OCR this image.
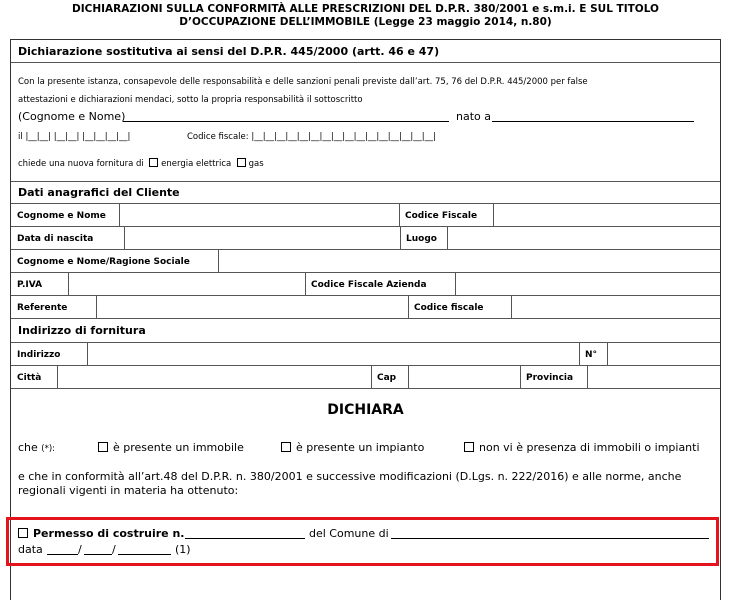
DICHIARAZIONI SULLA CONFORMITÀ ALLE PRESCRIZIONI DEL D.P.R. 380/2001 e s.m.i. E SUL TITOLO
D’OCCUPAZIONE DELL’IMMOBILE (Legge 23 maggio 2014, n.80)
Dichiarazione sostitutiva ai sensi del D.P.R. 445/2000 (artt. 46 e 47)
Con la presente istanza, consapevole delle responsabilità e delle sanzioni penali previste dall’art. 75, 76 del D.P.R. 445/2000 per false
attestazioni e dichiarazioni mendaci, sotto la propria responsabilità il sottoscritto
(Cognome e Nome)	nato a
il |__|__| |__|__| |__|__|__|__|	Codice fiscale: |__|__|__|__|__|__|__|__|__|__|__|__|__|__|__|__|
chiede una nuova fornitura di energia elettrica gas
Dati anagrafici del Cliente
Cognome e Nome	Codice Fiscale
Data di nascita	Luogo
Cognome e Nome/Ragione Sociale
P.IVA	Codice Fiscale Azienda
Referente	Codice fiscale
Indirizzo di fornitura
Indirizzo	N°
Città	Cap	Provincia
DICHIARA
che (*):	è presente un immobile	è presente un impianto	non vi è presenza di immobili o impianti
e che in conformità all’art.48 del D.P.R. n. 380/2001 e successive modificazioni (D.Lgs. n. 222/2016) e alle norme, anche
regionali vigenti in materia ha ottenuto:
Permesso di costruire n.	del Comune di
data	/	/	(1)
